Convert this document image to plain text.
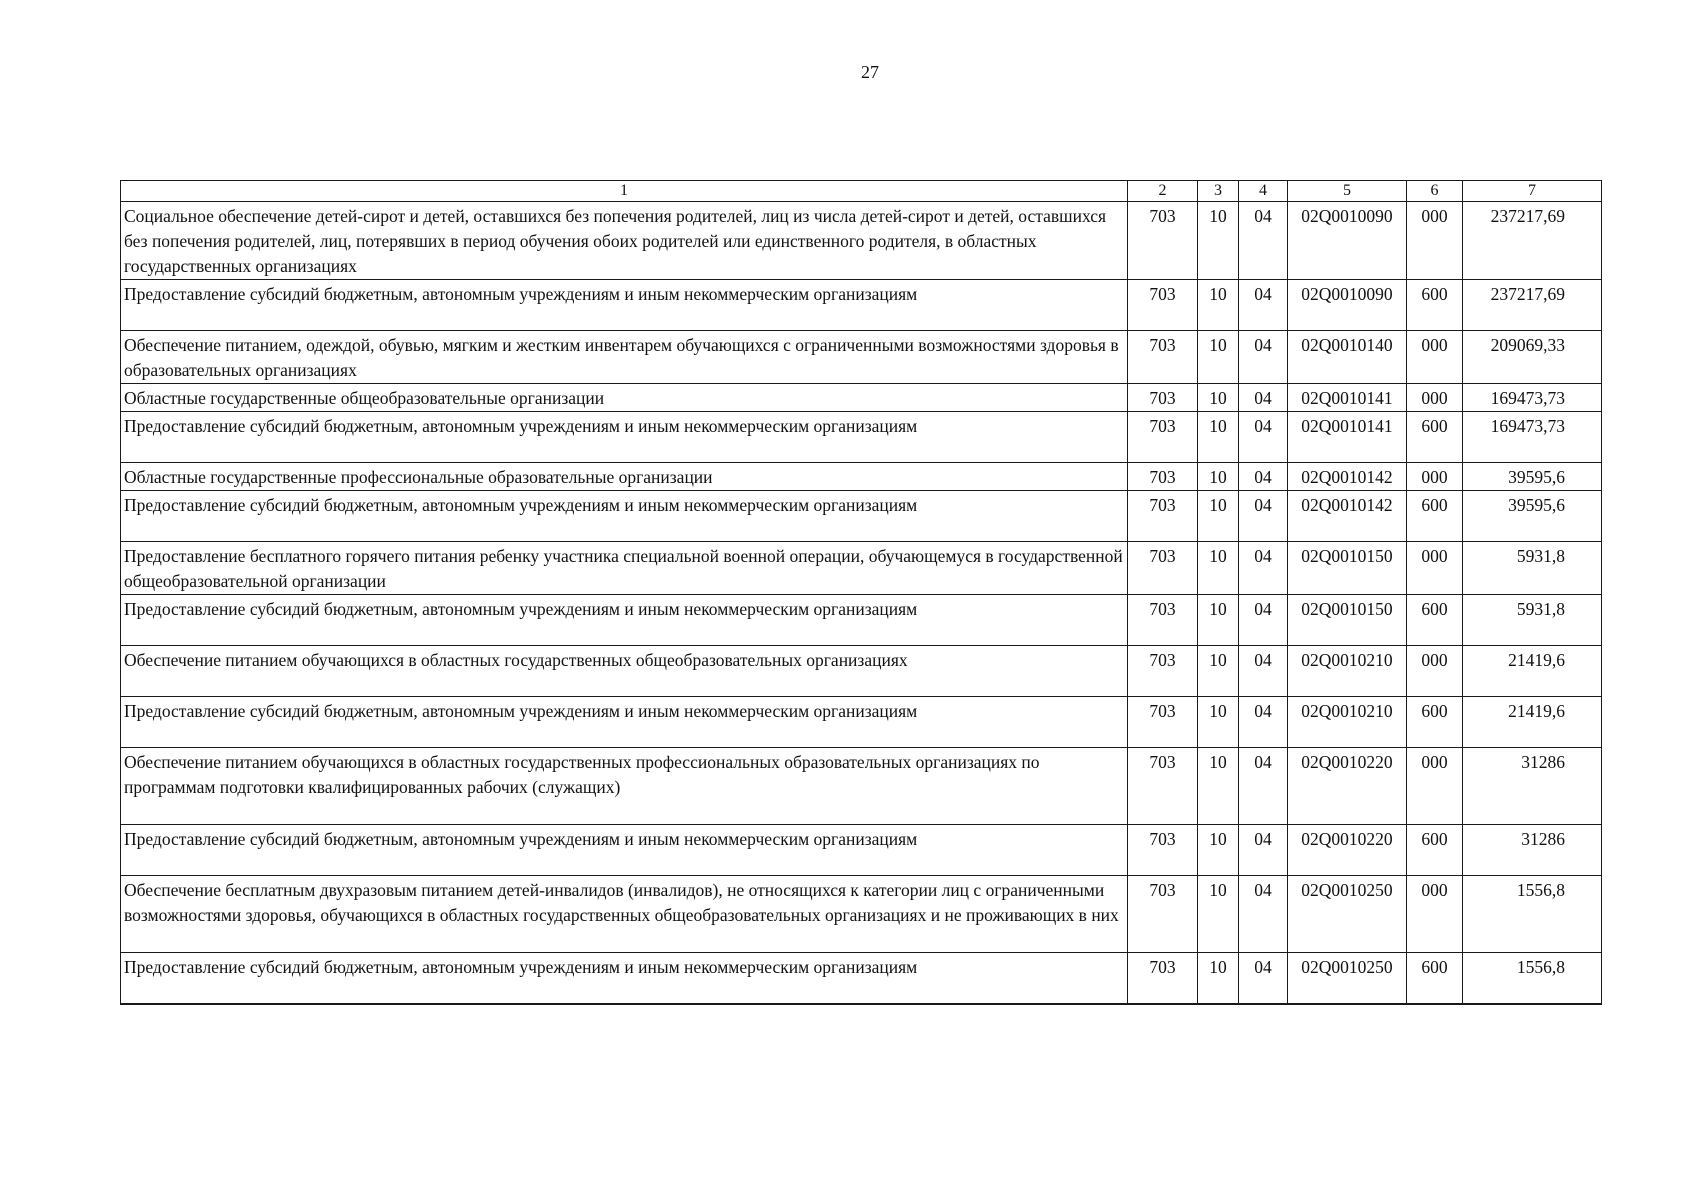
27
1	2	3	4	5	6	7
Социальное обеспечение детей-сирот и детей, оставшихся без попечения родителей, лиц из числа детей-сирот и детей, оставшихся без попечения родителей, лиц, потерявших в период обучения обоих родителей или единственного родителя, в областных государственных организациях	703	10	04	02Q0010090	000	237217,69
Предоставление субсидий бюджетным, автономным учреждениям и иным некоммерческим организациям	703	10	04	02Q0010090	600	237217,69
Обеспечение питанием, одеждой, обувью, мягким и жестким инвентарем обучающихся с ограниченными возможностями здоровья в образовательных организациях	703	10	04	02Q0010140	000	209069,33
Областные государственные общеобразовательные организации	703	10	04	02Q0010141	000	169473,73
Предоставление субсидий бюджетным, автономным учреждениям и иным некоммерческим организациям	703	10	04	02Q0010141	600	169473,73
Областные государственные профессиональные образовательные организации	703	10	04	02Q0010142	000	39595,6
Предоставление субсидий бюджетным, автономным учреждениям и иным некоммерческим организациям	703	10	04	02Q0010142	600	39595,6
Предоставление бесплатного горячего питания ребенку участника специальной военной операции, обучающемуся в государственной общеобразовательной организации	703	10	04	02Q0010150	000	5931,8
Предоставление субсидий бюджетным, автономным учреждениям и иным некоммерческим организациям	703	10	04	02Q0010150	600	5931,8
Обеспечение питанием обучающихся в областных государственных общеобразовательных организациях	703	10	04	02Q0010210	000	21419,6
Предоставление субсидий бюджетным, автономным учреждениям и иным некоммерческим организациям	703	10	04	02Q0010210	600	21419,6
Обеспечение питанием обучающихся в областных государственных профессиональных образовательных организациях по программам подготовки квалифицированных рабочих (служащих)	703	10	04	02Q0010220	000	31286
Предоставление субсидий бюджетным, автономным учреждениям и иным некоммерческим организациям	703	10	04	02Q0010220	600	31286
Обеспечение бесплатным двухразовым питанием детей-инвалидов (инвалидов), не относящихся к категории лиц с ограниченными возможностями здоровья, обучающихся в областных государственных общеобразовательных организациях и не проживающих в них	703	10	04	02Q0010250	000	1556,8
Предоставление субсидий бюджетным, автономным учреждениям и иным некоммерческим организациям	703	10	04	02Q0010250	600	1556,8
